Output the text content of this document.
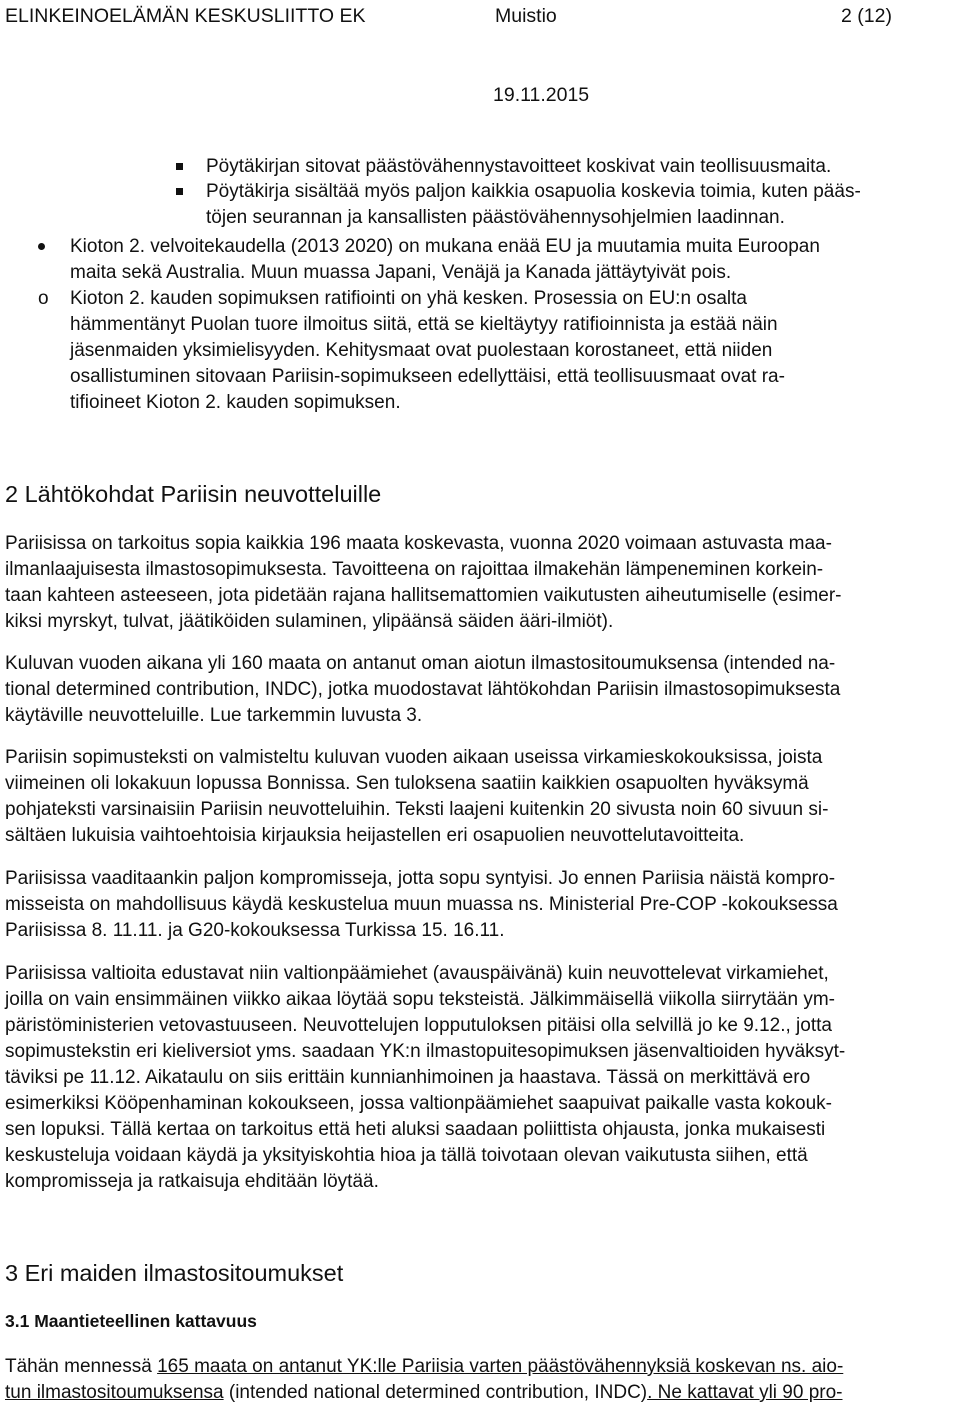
ELINKEINOELÄMÄN KESKUSLIITTO EK	Muistio	2 (12)
19.11.2015
Pöytäkirjan sitovat päästövähennystavoitteet koskivat vain teollisuusmaita.
Pöytäkirja sisältää myös paljon kaikkia osapuolia koskevia toimia, kuten pääs-
töjen seurannan ja kansallisten päästövähennysohjelmien laadinnan.

Kioton 2. velvoitekaudella (2013 2020) on mukana enää EU ja muutamia muita Euroopan

maita sekä Australia. Muun muassa Japani, Venäjä ja Kanada jättäytyivät pois.

o Kioton 2. kauden sopimuksen ratifiointi on yhä kesken. Prosessia on EU:n osalta

hämmentänyt Puolan tuore ilmoitus siitä, että se kieltäytyy ratifioinnista ja estää näin

jäsenmaiden yksimielisyyden. Kehitysmaat ovat puolestaan korostaneet, että niiden

osallistuminen sitovaan Pariisin-sopimukseen edellyttäisi, että teollisuusmaat ovat ra-

tifioineet Kioton 2. kauden sopimuksen.

2 Lähtökohdat Pariisin neuvotteluille

Pariisissa on tarkoitus sopia kaikkia 196 maata koskevasta, vuonna 2020 voimaan astuvasta maa-

ilmanlaajuisesta ilmastosopimuksesta. Tavoitteena on rajoittaa ilmakehän lämpeneminen korkein-

taan kahteen asteeseen, jota pidetään rajana hallitsemattomien vaikutusten aiheutumiselle (esimer-

kiksi myrskyt, tulvat, jäätiköiden sulaminen, ylipäänsä säiden ääri-ilmiöt).

Kuluvan vuoden aikana yli 160 maata on antanut oman aiotun ilmastositoumuksensa (intended na-

tional determined contribution, INDC), jotka muodostavat lähtökohdan Pariisin ilmastosopimuksesta

käytäville neuvotteluille. Lue tarkemmin luvusta 3.

Pariisin sopimusteksti on valmisteltu kuluvan vuoden aikaan useissa virkamieskokouksissa, joista

viimeinen oli lokakuun lopussa Bonnissa. Sen tuloksena saatiin kaikkien osapuolten hyväksymä

pohjateksti varsinaisiin Pariisin neuvotteluihin. Teksti laajeni kuitenkin 20 sivusta noin 60 sivuun si-

sältäen lukuisia vaihtoehtoisia kirjauksia heijastellen eri osapuolien neuvottelutavoitteita.

Pariisissa vaaditaankin paljon kompromisseja, jotta sopu syntyisi. Jo ennen Pariisia näistä kompro-

misseista on mahdollisuus käydä keskustelua muun muassa ns. Ministerial Pre-COP -kokouksessa

Pariisissa 8. 11.11. ja G20-kokouksessa Turkissa 15. 16.11.

Pariisissa valtioita edustavat niin valtionpäämiehet (avauspäivänä) kuin neuvottelevat virkamiehet,

joilla on vain ensimmäinen viikko aikaa löytää sopu teksteistä. Jälkimmäisellä viikolla siirrytään ym-

päristöministerien vetovastuuseen. Neuvottelujen lopputuloksen pitäisi olla selvillä jo ke 9.12., jotta

sopimustekstin eri kieliversiot yms. saadaan YK:n ilmastopuitesopimuksen jäsenvaltioiden hyväksyt-

täviksi pe 11.12. Aikataulu on siis erittäin kunnianhimoinen ja haastava. Tässä on merkittävä ero

esimerkiksi Kööpenhaminan kokoukseen, jossa valtionpäämiehet saapuivat paikalle vasta kokouk-

sen lopuksi. Tällä kertaa on tarkoitus että heti aluksi saadaan poliittista ohjausta, jonka mukaisesti

keskusteluja voidaan käydä ja yksityiskohtia hioa ja tällä toivotaan olevan vaikutusta siihen, että

kompromisseja ja ratkaisuja ehditään löytää.

3 Eri maiden ilmastositoumukset
3.1 Maantieteellinen kattavuus

Tähän mennessä 165 maata on antanut YK:lle Pariisia varten päästövähennyksiä koskevan ns. aio-

tun ilmastositoumuksensa (intended national determined contribution, INDC). Ne kattavat yli 90 pro-
